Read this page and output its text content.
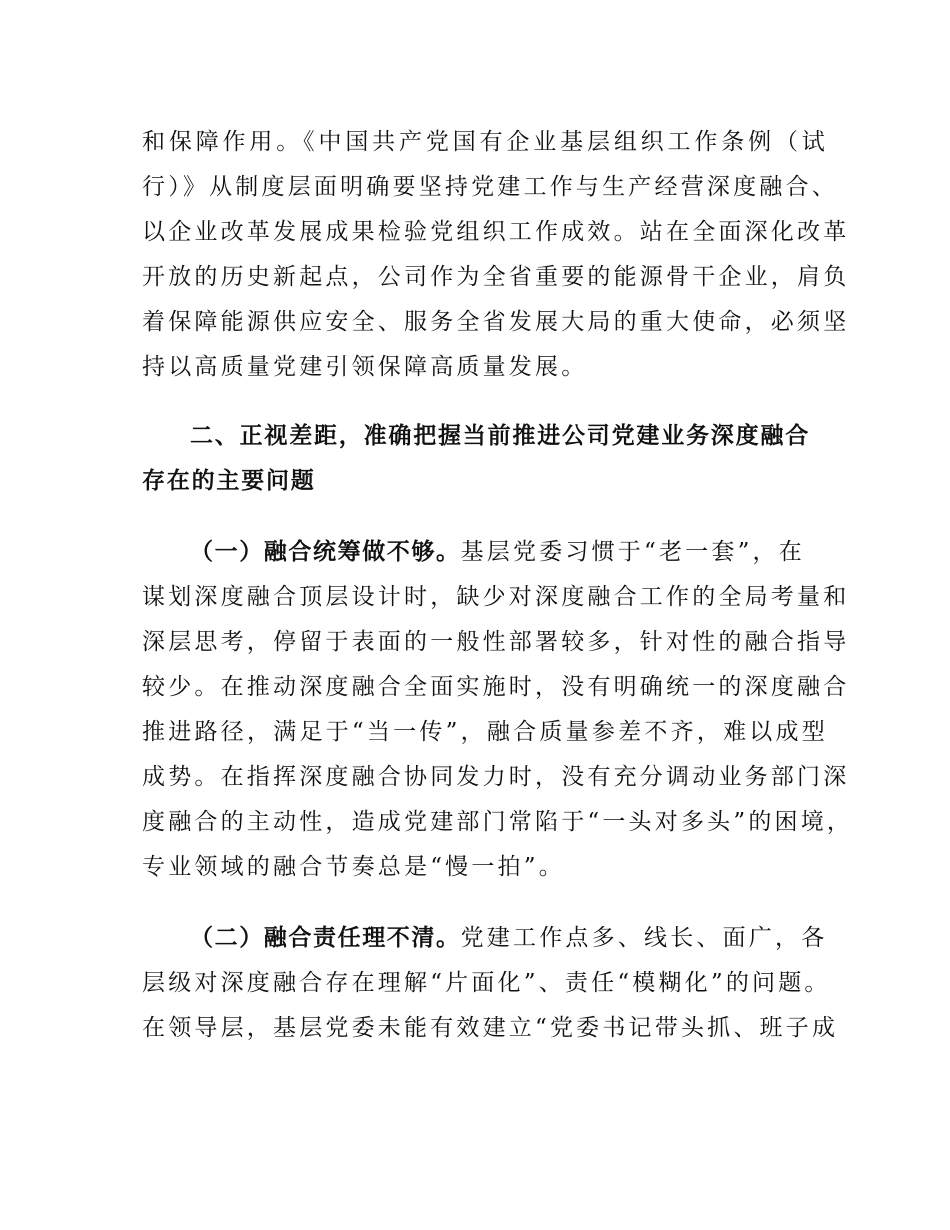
和保障作用。《中国共产党国有企业基层组织工作条例（试
行）》从制度层面明确要坚持党建工作与生产经营深度融合、
以企业改革发展成果检验党组织工作成效。站在全面深化改革
开放的历史新起点，公司作为全省重要的能源骨干企业，肩负
着保障能源供应安全、服务全省发展大局的重大使命，必须坚
持以高质量党建引领保障高质量发展。
二、正视差距，准确把握当前推进公司党建业务深度融合
存在的主要问题
（一）融合统筹做不够。基层党委习惯于“老一套”，在
谋划深度融合顶层设计时，缺少对深度融合工作的全局考量和
深层思考，停留于表面的一般性部署较多，针对性的融合指导
较少。在推动深度融合全面实施时，没有明确统一的深度融合
推进路径，满足于“当一传”，融合质量参差不齐，难以成型
成势。在指挥深度融合协同发力时，没有充分调动业务部门深
度融合的主动性，造成党建部门常陷于“一头对多头”的困境，
专业领域的融合节奏总是“慢一拍”。
（二）融合责任理不清。党建工作点多、线长、面广，各
层级对深度融合存在理解“片面化”、责任“模糊化”的问题。
在领导层，基层党委未能有效建立“党委书记带头抓、班子成
